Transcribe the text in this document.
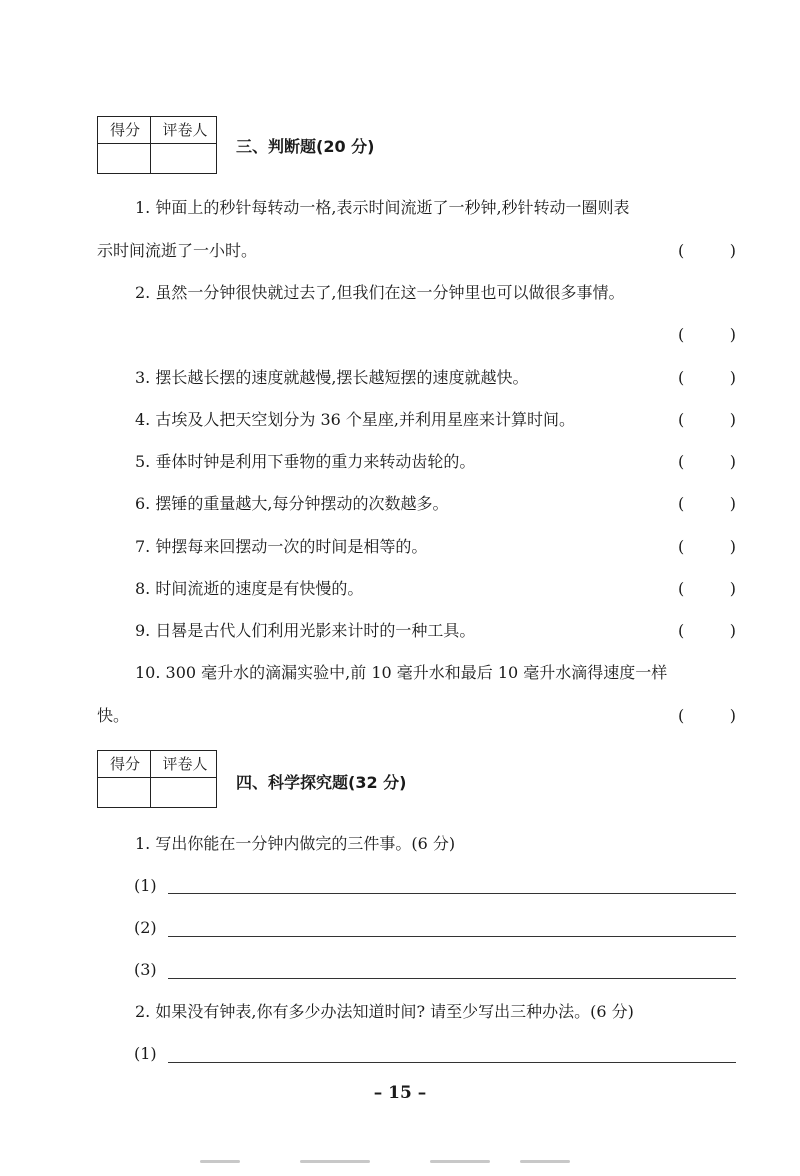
得分	评卷人
三、判断题(20 分)
1. 钟面上的秒针每转动一格,表示时间流逝了一秒钟,秒针转动一圈则表
示时间流逝了一小时。	(	)
2. 虽然一分钟很快就过去了,但我们在这一分钟里也可以做很多事情。
(	)
3. 摆长越长摆的速度就越慢,摆长越短摆的速度就越快。	(	)
4. 古埃及人把天空划分为 36 个星座,并利用星座来计算时间。	(	)
5. 垂体时钟是利用下垂物的重力来转动齿轮的。	(	)
6. 摆锤的重量越大,每分钟摆动的次数越多。	(	)
7. 钟摆每来回摆动一次的时间是相等的。	(	)
8. 时间流逝的速度是有快慢的。	(	)
9. 日晷是古代人们利用光影来计时的一种工具。	(	)
10. 300 毫升水的滴漏实验中,前 10 毫升水和最后 10 毫升水滴得速度一样
快。	(	)
得分	评卷人
四、科学探究题(32 分)
1. 写出你能在一分钟内做完的三件事。(6 分)
(1)
(2)
(3)
2. 如果没有钟表,你有多少办法知道时间? 请至少写出三种办法。(6 分)
(1)
– 15 –
